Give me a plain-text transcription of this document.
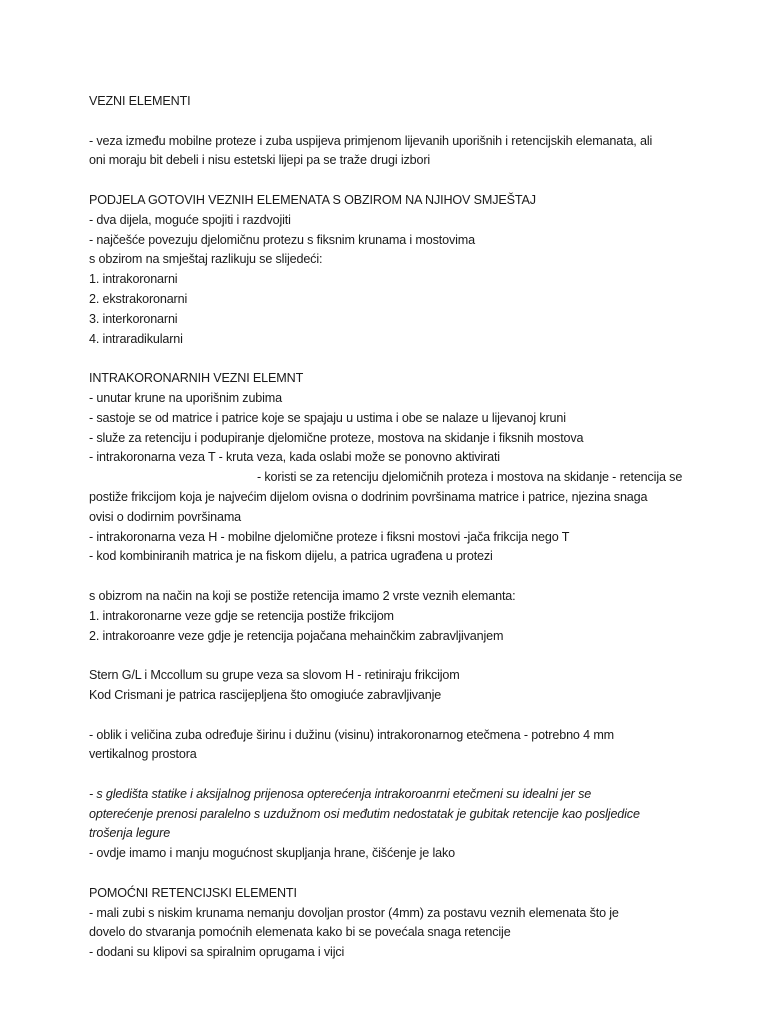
VEZNI ELEMENTI
- veza između mobilne proteze i zuba uspijeva primjenom lijevanih uporišnih i retencijskih elemanata, ali
oni moraju bit debeli i nisu estetski lijepi pa se traže drugi izbori
PODJELA GOTOVIH VEZNIH ELEMENATA S OBZIROM NA NJIHOV SMJEŠTAJ
- dva dijela, moguće spojiti i razdvojiti
- najčešće povezuju djelomičnu protezu s fiksnim krunama i mostovima
s obzirom na smještaj razlikuju se slijedeći:
1. intrakoronarni
2. ekstrakoronarni
3. interkoronarni
4. intraradikularni
INTRAKORONARNIH VEZNI ELEMNT
- unutar krune na uporišnim zubima
- sastoje se od matrice i patrice koje se spajaju u ustima i obe se nalaze u lijevanoj kruni
- služe za retenciju i podupiranje djelomične proteze, mostova na skidanje i fiksnih mostova
- intrakoronarna veza T - kruta veza, kada oslabi može se ponovno aktivirati
- koristi se za retenciju djelomičnih proteza i mostova na skidanje - retencija se
postiže frikcijom koja je najvećim dijelom ovisna o dodrinim površinama matrice i patrice, njezina snaga
ovisi o dodirnim površinama
- intrakoronarna veza H - mobilne djelomične proteze i fiksni mostovi -jača frikcija nego T
- kod kombiniranih matrica je na fiskom dijelu, a patrica ugrađena u protezi
s obizrom na način na koji se postiže retencija imamo 2 vrste veznih elemanta:
1. intrakoronarne veze gdje se retencija postiže frikcijom
2. intrakoroanre veze gdje je retencija pojačana mehainčkim zabravljivanjem
Stern G/L i Mccollum su grupe veza sa slovom H - retiniraju frikcijom
Kod Crismani je patrica rascijepljena što omogiuće zabravljivanje
- oblik i veličina zuba određuje širinu i dužinu (visinu) intrakoronarnog etečmena - potrebno 4 mm
vertikalnog prostora
- s gledišta statike i aksijalnog prijenosa opterećenja intrakoroanrni etečmeni su idealni jer se
opterećenje prenosi paralelno s uzdužnom osi međutim nedostatak je gubitak retencije kao posljedice
trošenja legure
- ovdje imamo i manju mogućnost skupljanja hrane, čišćenje je lako
POMOĆNI RETENCIJSKI ELEMENTI
- mali zubi s niskim krunama nemanju dovoljan prostor (4mm) za postavu veznih elemenata što je
dovelo do stvaranja pomoćnih elemenata kako bi se povećala snaga retencije
- dodani su klipovi sa spiralnim oprugama i vijci
